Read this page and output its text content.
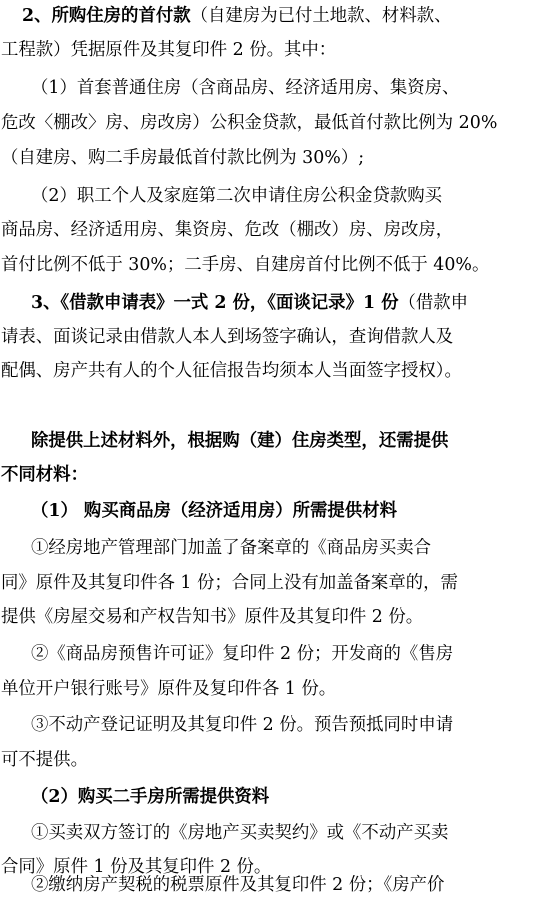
2、所购住房的首付款（自建房为已付土地款、材料款、
工程款）凭据原件及其复印件 2 份。其中：
（1）首套普通住房（含商品房、经济适用房、集资房、
危改〈棚改〉房、房改房）公积金贷款，最低首付款比例为 20%
（自建房、购二手房最低首付款比例为 30%）;
（2）职工个人及家庭第二次申请住房公积金贷款购买
商品房、经济适用房、集资房、危改（棚改）房、房改房，
首付比例不低于 30%；二手房、自建房首付比例不低于 40%。
3、《借款申请表》一式 2 份，《面谈记录》1 份（借款申
请表、面谈记录由借款人本人到场签字确认，查询借款人及
配偶、房产共有人的个人征信报告均须本人当面签字授权）。
除提供上述材料外，根据购（建）住房类型，还需提供
不同材料：
（1） 购买商品房（经济适用房）所需提供材料
①经房地产管理部门加盖了备案章的《商品房买卖合
同》原件及其复印件各 1 份；合同上没有加盖备案章的，需
提供《房屋交易和产权告知书》原件及其复印件 2 份。
②《商品房预售许可证》复印件 2 份；开发商的《售房
单位开户银行账号》原件及复印件各 1 份。
③不动产登记证明及其复印件 2 份。预告预抵同时申请
可不提供。
（2）购买二手房所需提供资料
①买卖双方签订的《房地产买卖契约》或《不动产买卖
合同》原件 1 份及其复印件 2 份。
②缴纳房产契税的税票原件及其复印件 2 份；《房产价
